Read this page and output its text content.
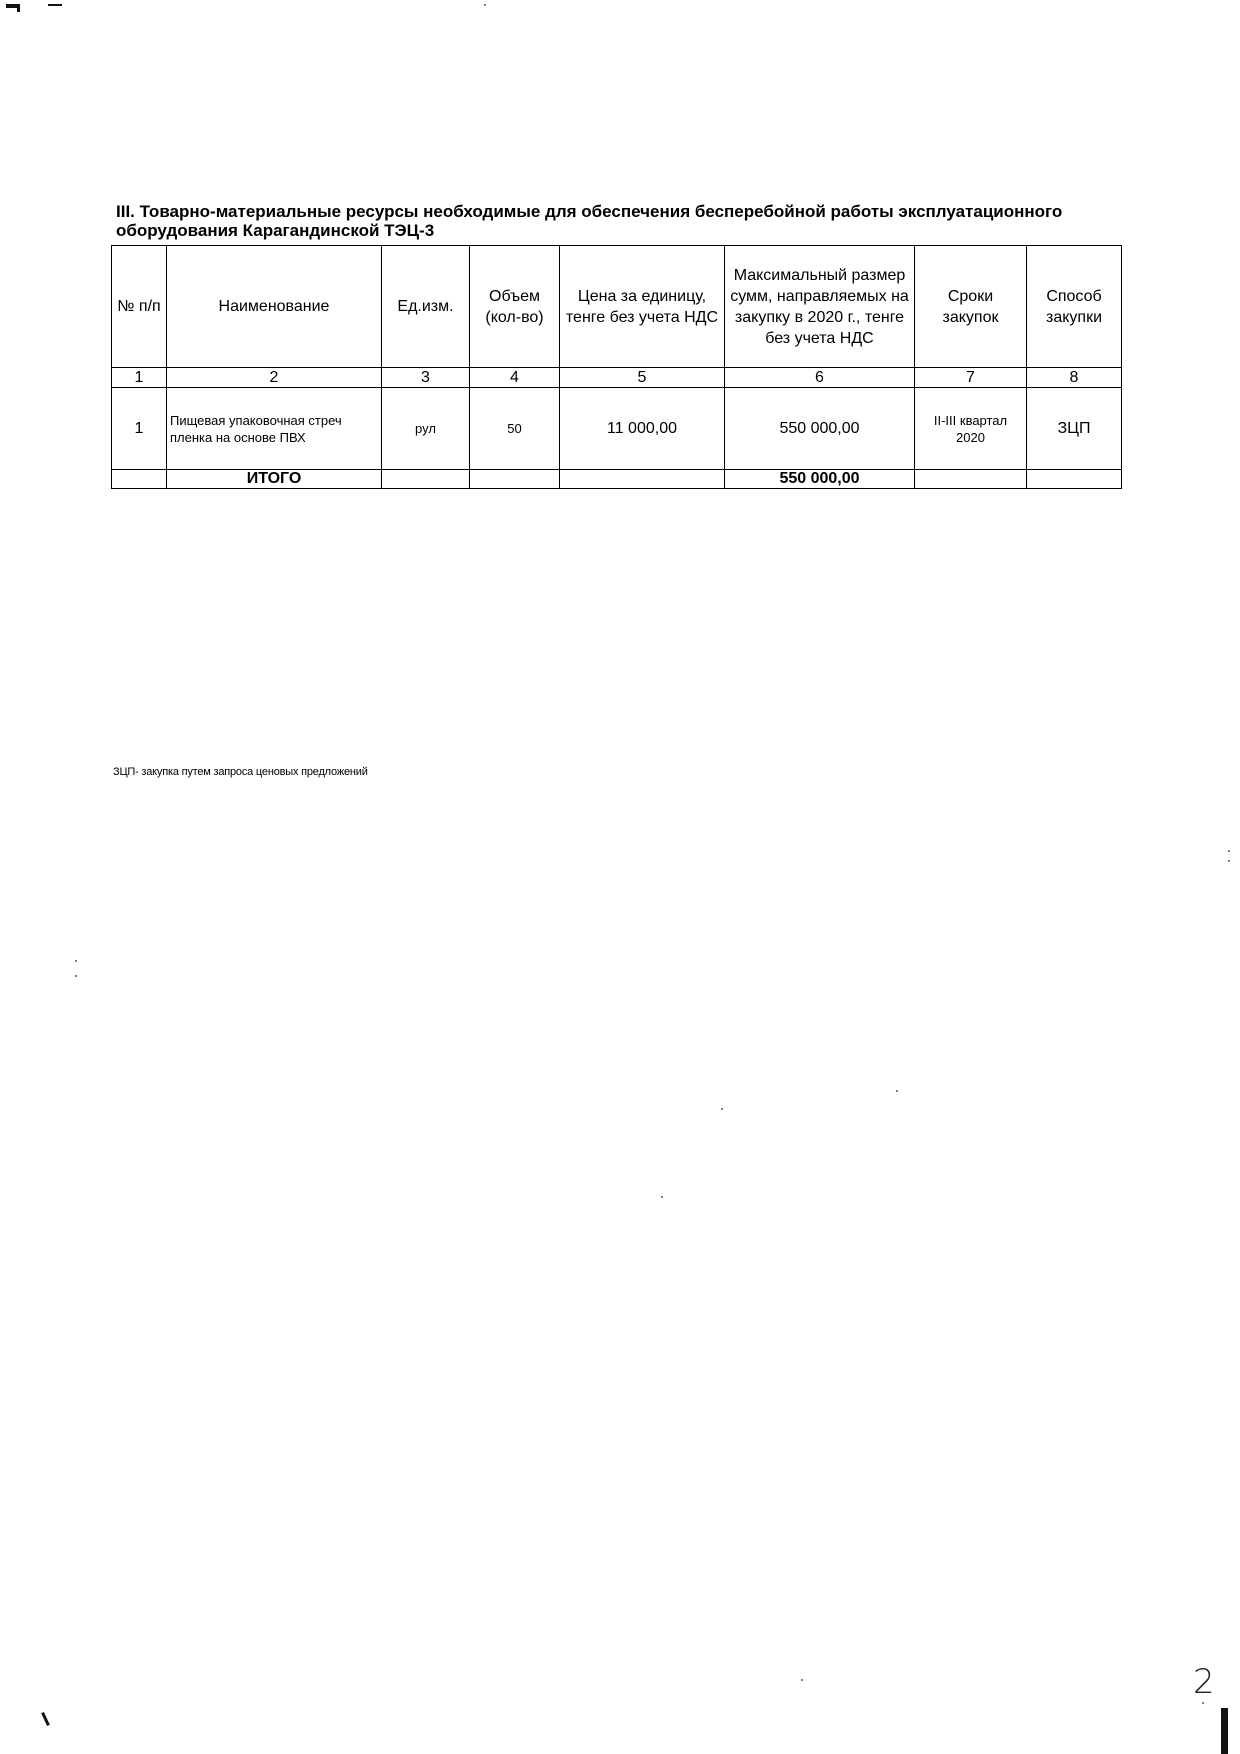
III. Товарно-материальные ресурсы необходимые для обеспечения бесперебойной работы эксплуатационного оборудования Карагандинской ТЭЦ-3
№ п/п	Наименование	Ед.изм.	Объем (кол-во)	Цена за единицу, тенге без учета НДС	Максимальный размер сумм, направляемых на закупку в 2020 г., тенге без учета НДС	Сроки закупок	Способ закупки
1	2	3	4	5	6	7	8
1	Пищевая упаковочная стреч пленка на основе ПВХ	рул	50	11 000,00	550 000,00	II-III квартал 2020	ЗЦП
	ИТОГО				550 000,00		
ЗЦП- закупка путем запроса ценовых предложений
2
